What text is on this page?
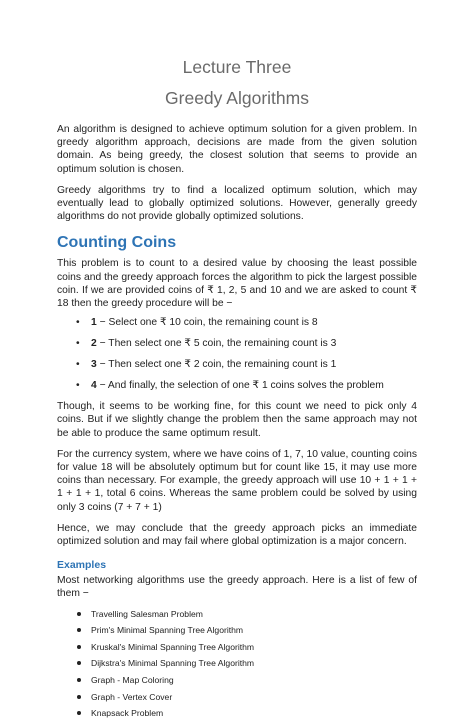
Lecture Three
Greedy Algorithms

An algorithm is designed to achieve optimum solution for a given problem. In greedy algorithm approach, decisions are made from the given solution domain. As being greedy, the closest solution that seems to provide an optimum solution is chosen.

Greedy algorithms try to find a localized optimum solution, which may eventually lead to globally optimized solutions. However, generally greedy algorithms do not provide globally optimized solutions.

Counting Coins

This problem is to count to a desired value by choosing the least possible coins and the greedy approach forces the algorithm to pick the largest possible coin. If we are provided coins of ₹ 1, 2, 5 and 10 and we are asked to count ₹ 18 then the greedy procedure will be −

• 1 − Select one ₹ 10 coin, the remaining count is 8
• 2 − Then select one ₹ 5 coin, the remaining count is 3
• 3 − Then select one ₹ 2 coin, the remaining count is 1
• 4 − And finally, the selection of one ₹ 1 coins solves the problem

Though, it seems to be working fine, for this count we need to pick only 4 coins. But if we slightly change the problem then the same approach may not be able to produce the same optimum result.

For the currency system, where we have coins of 1, 7, 10 value, counting coins for value 18 will be absolutely optimum but for count like 15, it may use more coins than necessary. For example, the greedy approach will use 10 + 1 + 1 + 1 + 1 + 1, total 6 coins. Whereas the same problem could be solved by using only 3 coins (7 + 7 + 1)

Hence, we may conclude that the greedy approach picks an immediate optimized solution and may fail where global optimization is a major concern.

Examples

Most networking algorithms use the greedy approach. Here is a list of few of them −

Travelling Salesman Problem
Prim's Minimal Spanning Tree Algorithm
Kruskal's Minimal Spanning Tree Algorithm
Dijkstra's Minimal Spanning Tree Algorithm
Graph - Map Coloring
Graph - Vertex Cover
Knapsack Problem
